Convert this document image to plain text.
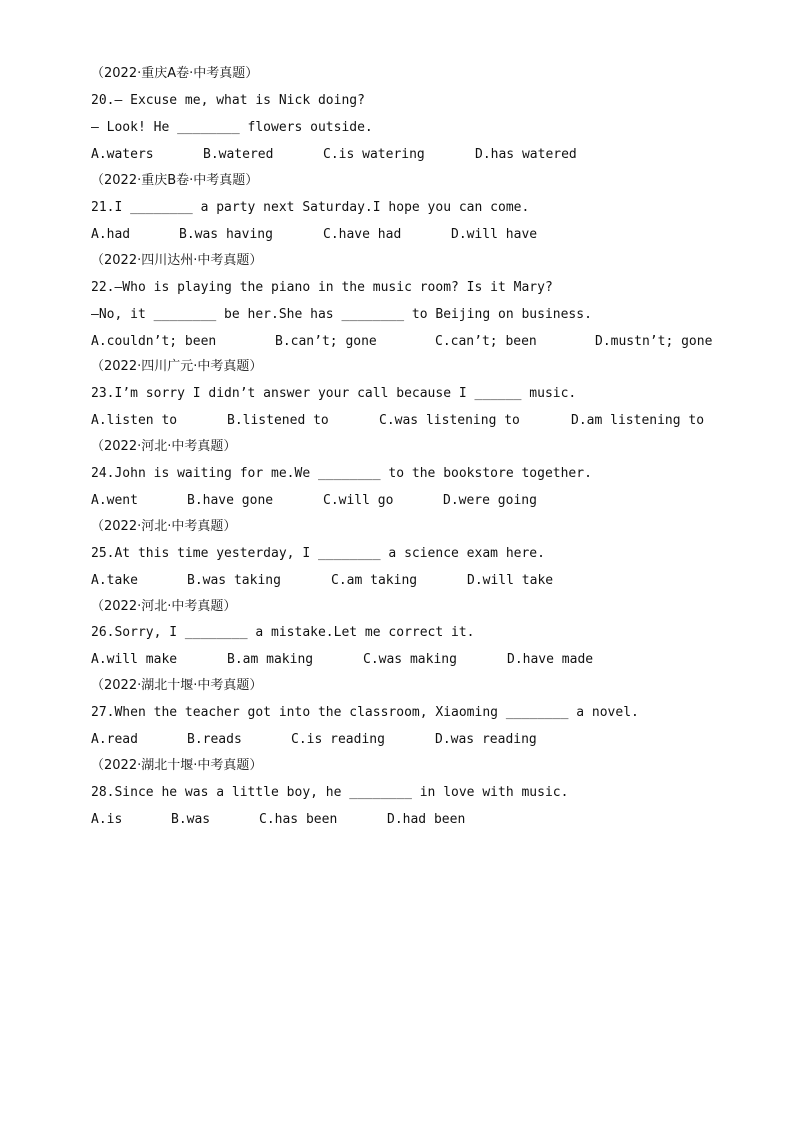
（2022·重庆A卷·中考真题）
20.— Excuse me, what is Nick doing?
— Look! He ________ flowers outside.
A.waters	B.watered	C.is watering	D.has watered
（2022·重庆B卷·中考真题）
21.I ________ a party next Saturday.I hope you can come.
A.had	B.was having	C.have had	D.will have
（2022·四川达州·中考真题）
22.—Who is playing the piano in the music room? Is it Mary?
—No, it ________ be her.She has ________ to Beijing on business.
A.couldn’t; been	B.can’t; gone	C.can’t; been	D.mustn’t; gone
（2022·四川广元·中考真题）
23.I’m sorry I didn’t answer your call because I ______ music.
A.listen to	B.listened to	C.was listening to	D.am listening to
（2022·河北·中考真题）
24.John is waiting for me.We ________ to the bookstore together.
A.went	B.have gone	C.will go	D.were going
（2022·河北·中考真题）
25.At this time yesterday, I ________ a science exam here.
A.take	B.was taking	C.am taking	D.will take
（2022·河北·中考真题）
26.Sorry, I ________ a mistake.Let me correct it.
A.will make	B.am making	C.was making	D.have made
（2022·湖北十堰·中考真题）
27.When the teacher got into the classroom, Xiaoming ________ a novel.
A.read	B.reads	C.is reading	D.was reading
（2022·湖北十堰·中考真题）
28.Since he was a little boy, he ________ in love with music.
A.is	B.was	C.has been	D.had been
